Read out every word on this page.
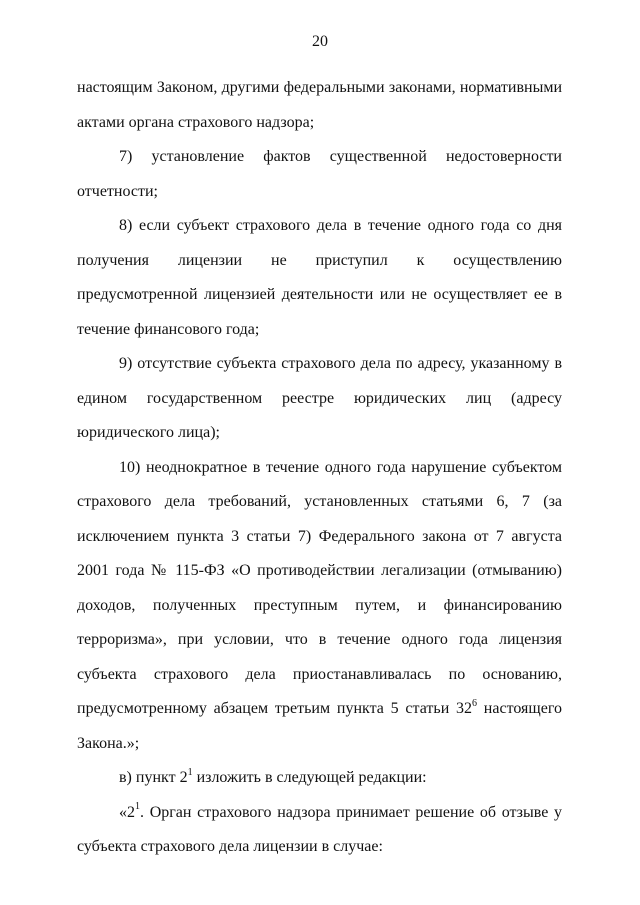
20

настоящим Законом, другими федеральными законами, нормативными актами органа страхового надзора;

7) установление фактов существенной недостоверности отчетности;

8) если субъект страхового дела в течение одного года со дня получения лицензии не приступил к осуществлению предусмотренной лицензией деятельности или не осуществляет ее в течение финансового года;

9) отсутствие субъекта страхового дела по адресу, указанному в едином государственном реестре юридических лиц (адресу юридического лица);

10) неоднократное в течение одного года нарушение субъектом страхового дела требований, установленных статьями 6, 7 (за исключением пункта 3 статьи 7) Федерального закона от 7 августа 2001 года № 115-ФЗ «О противодействии легализации (отмыванию) доходов, полученных преступным путем, и финансированию терроризма», при условии, что в течение одного года лицензия субъекта страхового дела приостанавливалась по основанию, предусмотренному абзацем третьим пункта 5 статьи $32^6$ настоящего Закона.»;

в) пункт $2^1$ изложить в следующей редакции:

«$2^1$. Орган страхового надзора принимает решение об отзыве у субъекта страхового дела лицензии в случае:
